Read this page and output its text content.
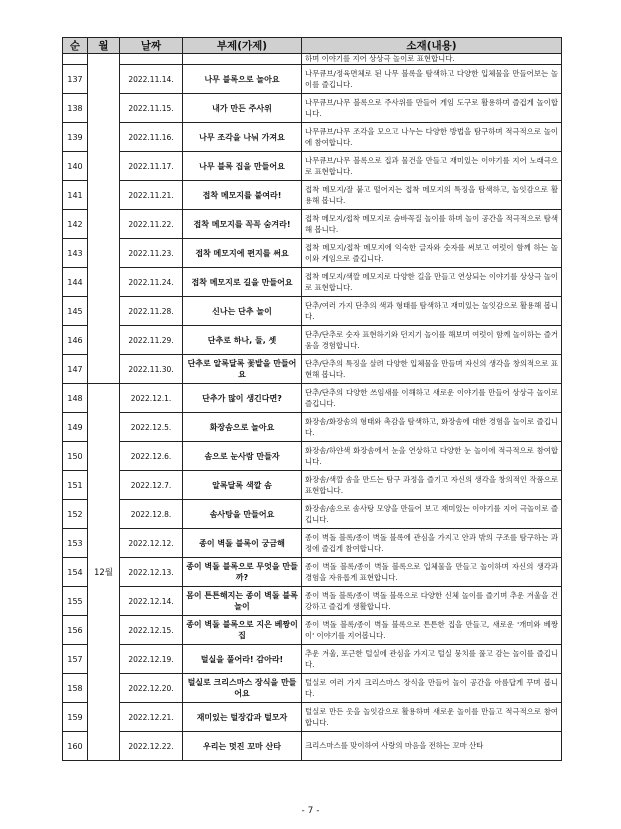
순	월	날짜	부제(가제)	소재(내용)
				하며 이야기를 지어 상상극 놀이로 표현합니다.
137		2022.11.14.	나무 블록으로 놀아요	나무큐브/정육면체로 된 나무 블록을 탐색하고 다양한 입체물을 만들어보는 놀이를 즐깁니다.
138		2022.11.15.	내가 만든 주사위	나무큐브/나무 블록으로 주사위를 만들어 게임 도구로 활용하며 즐겁게 놀이합니다.
139		2022.11.16.	나무 조각을 나눠 가져요	나무큐브/나무 조각을 모으고 나누는 다양한 방법을 탐구하며 적극적으로 놀이에 참여합니다.
140		2022.11.17.	나무 블록 집을 만들어요	나무큐브/나무 블록으로 집과 물건을 만들고 재미있는 이야기를 지어 노래극으로 표현합니다.
141		2022.11.21.	접착 메모지를 붙여라!	접착 메모지/잘 붙고 떨어지는 접착 메모지의 특징을 탐색하고, 놀잇감으로 활용해 봅니다.
142		2022.11.22.	접착 메모지를 꼭꼭 숨겨라!	접착 메모지/접착 메모지로 숨바꼭질 놀이를 하며 놀이 공간을 적극적으로 탐색해 봅니다.
143		2022.11.23.	접착 메모지에 편지를 써요	접착 메모지/접착 메모지에 익숙한 글자와 숫자를 써보고 여럿이 함께 하는 놀이와 게임으로 즐깁니다.
144		2022.11.24.	접착 메모지로 길을 만들어요	접착 메모지/색깔 메모지로 다양한 길을 만들고 연상되는 이야기를 상상극 놀이로 표현합니다.
145		2022.11.28.	신나는 단추 놀이	단추/여러 가지 단추의 색과 형태를 탐색하고 재미있는 놀잇감으로 활용해 봅니다.
146		2022.11.29.	단추로 하나, 둘, 셋	단추/단추로 숫자 표현하기와 던지기 놀이를 해보며 여럿이 함께 놀이하는 즐거움을 경험합니다.
147		2022.11.30.	단추로 알록달록 꽃밭을 만들어요	단추/단추의 특징을 살려 다양한 입체물을 만들며 자신의 생각을 창의적으로 표현해 봅니다.
148	12월	2022.12.1.	단추가 많이 생긴다면?	단추/단추의 다양한 쓰임새를 이해하고 새로운 이야기를 만들어 상상극 놀이로 즐깁니다.
149		2022.12.5.	화장솜으로 놀아요	화장솜/화장솜의 형태와 촉감을 탐색하고, 화장솜에 대한 경험을 놀이로 즐깁니다.
150		2022.12.6.	솜으로 눈사람 만들자	화장솜/하얀색 화장솜에서 눈을 연상하고 다양한 눈 놀이에 적극적으로 참여합니다.
151		2022.12.7.	알록달록 색깔 솜	화장솜/색깔 솜을 만드는 탐구 과정을 즐기고 자신의 생각을 창의적인 작품으로 표현합니다.
152		2022.12.8.	솜사탕을 만들어요	화장솜/솜으로 솜사탕 모양을 만들어 보고 재미있는 이야기를 지어 극놀이로 즐깁니다.
153		2022.12.12.	종이 벽돌 블록이 궁금해	종이 벽돌 블록/종이 벽돌 블록에 관심을 가지고 안과 밖의 구조를 탐구하는 과정에 즐겁게 참여합니다.
154		2022.12.13.	종이 벽돌 블록으로 무엇을 만들까?	종이 벽돌 블록/종이 벽돌 블록으로 입체물을 만들고 놀이하며 자신의 생각과 경험을 자유롭게 표현합니다.
155		2022.12.14.	몸이 튼튼해지는 종이 벽돌 블록 놀이	종이 벽돌 블록/종이 벽돌 블록으로 다양한 신체 놀이를 즐기며 추운 겨울을 건강하고 즐겁게 생활합니다.
156		2022.12.15.	종이 벽돌 블록으로 지은 베짱이 집	종이 벽돌 블록/종이 벽돌 블록으로 튼튼한 집을 만들고, 새로운 '개미와 베짱이' 이야기를 지어봅니다.
157		2022.12.19.	털실을 풀어라! 감아라!	추운 겨울, 포근한 털실에 관심을 가지고 털실 뭉치를 풀고 감는 놀이를 즐깁니다.
158		2022.12.20.	털실로 크리스마스 장식을 만들어요	털실로 여러 가지 크리스마스 장식을 만들어 놀이 공간을 아름답게 꾸며 봅니다.
159		2022.12.21.	재미있는 털장갑과 털모자	털실로 만든 옷을 놀잇감으로 활용하며 새로운 놀이를 만들고 적극적으로 참여합니다.
160		2022.12.22.	우리는 멋진 꼬마 산타	크리스마스를 맞이하여 사랑의 마음을 전하는 꼬마 산타
- 7 -
